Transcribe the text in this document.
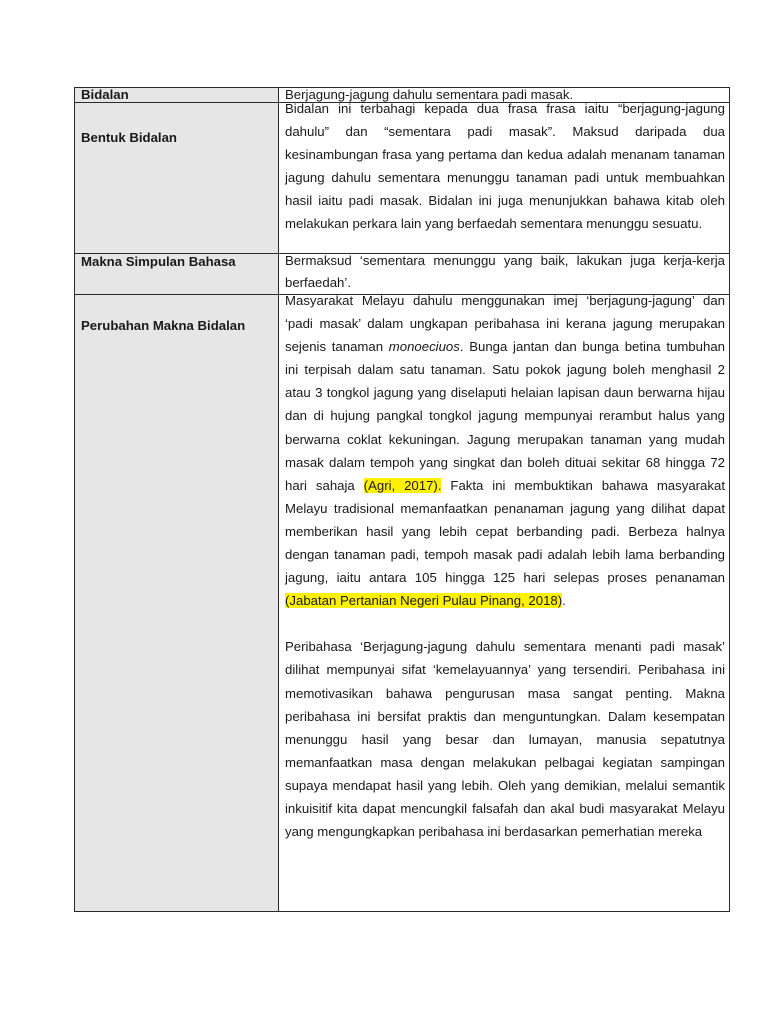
Bidalan	Berjagung-jagung dahulu sementara padi masak.

Bentuk Bidalan	Bidalan ini terbahagi kepada dua frasa frasa iaitu “berjagung-jagung dahulu” dan “sementara padi masak”. Maksud daripada dua kesinambungan frasa yang pertama dan kedua adalah menanam tanaman jagung dahulu sementara menunggu tanaman padi untuk membuahkan hasil iaitu padi masak. Bidalan ini juga menunjukkan bahawa kitab oleh melakukan perkara lain yang berfaedah sementara menunggu sesuatu.

Makna Simpulan Bahasa	Bermaksud ‘sementara menunggu yang baik, lakukan juga kerja-kerja berfaedah’.

Perubahan Makna Bidalan	Masyarakat Melayu dahulu menggunakan imej ‘berjagung-jagung’ dan ‘padi masak’ dalam ungkapan peribahasa ini kerana jagung merupakan sejenis tanaman monoeciuos. Bunga jantan dan bunga betina tumbuhan ini terpisah dalam satu tanaman. Satu pokok jagung boleh menghasil 2 atau 3 tongkol jagung yang diselaputi helaian lapisan daun berwarna hijau dan di hujung pangkal tongkol jagung mempunyai rerambut halus yang berwarna coklat kekuningan. Jagung merupakan tanaman yang mudah masak dalam tempoh yang singkat dan boleh dituai sekitar 68 hingga 72 hari sahaja (Agri, 2017). Fakta ini membuktikan bahawa masyarakat Melayu tradisional memanfaatkan penanaman jagung yang dilihat dapat memberikan hasil yang lebih cepat berbanding padi. Berbeza halnya dengan tanaman padi, tempoh masak padi adalah lebih lama berbanding jagung, iaitu antara 105 hingga 125 hari selepas proses penanaman (Jabatan Pertanian Negeri Pulau Pinang, 2018).

Peribahasa ‘Berjagung-jagung dahulu sementara menanti padi masak’ dilihat mempunyai sifat ‘kemelayuannya’ yang tersendiri. Peribahasa ini memotivasikan bahawa pengurusan masa sangat penting. Makna peribahasa ini bersifat praktis dan menguntungkan. Dalam kesempatan menunggu hasil yang besar dan lumayan, manusia sepatutnya memanfaatkan masa dengan melakukan pelbagai kegiatan sampingan supaya mendapat hasil yang lebih. Oleh yang demikian, melalui semantik inkuisitif kita dapat mencungkil falsafah dan akal budi masyarakat Melayu yang mengungkapkan peribahasa ini berdasarkan pemerhatian mereka
